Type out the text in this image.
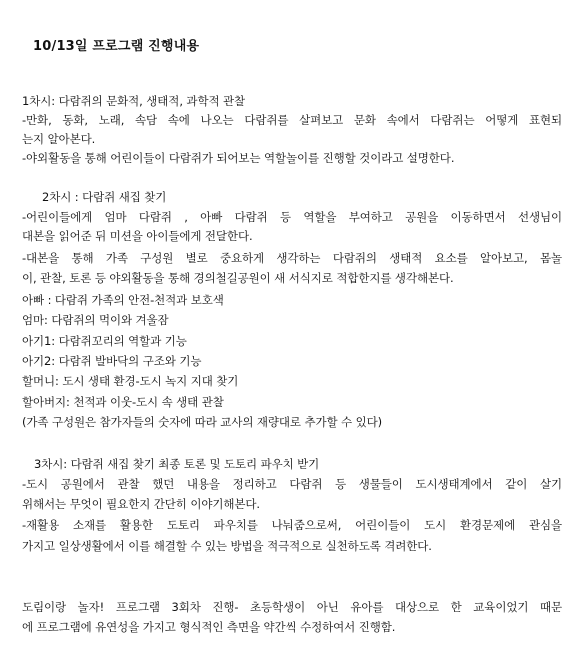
10/13일 프로그램 진행내용
1차시: 다람쥐의 문화적, 생태적, 과학적 관찰
-만화, 동화, 노래, 속담 속에 나오는 다람쥐를 살펴보고 문화 속에서 다람쥐는 어떻게 표현되
는지 알아본다.
-야외활동을 통해 어린이들이 다람쥐가 되어보는 역할놀이를 진행할 것이라고 설명한다.
2차시 : 다람쥐 새집 찾기
-어린이들에게 엄마 다람쥐 , 아빠 다람쥐 등 역할을 부여하고 공원을 이동하면서 선생님이
대본을 읽어준 뒤 미션을 아이들에게 전달한다.
-대본을 통해 가족 구성원 별로 중요하게 생각하는 다람쥐의 생태적 요소를 알아보고, 몸놀
이, 관찰, 토론 등 야외활동을 통해 경의철길공원이 새 서식지로 적합한지를 생각해본다.
아빠 : 다람쥐 가족의 안전-천적과 보호색
엄마: 다람쥐의 먹이와 겨울잠
아기1: 다람쥐꼬리의 역할과 기능
아기2: 다람쥐 발바닥의 구조와 기능
할머니: 도시 생태 환경-도시 녹지 지대 찾기
할아버지: 천적과 이웃-도시 속 생태 관찰
(가족 구성원은 참가자들의 숫자에 따라 교사의 재량대로 추가할 수 있다)
3차시: 다람쥐 새집 찾기 최종 토론 및 도토리 파우치 받기
-도시 공원에서 관찰 했던 내용을 정리하고 다람쥐 등 생물들이 도시생태계에서 같이 살기
위해서는 무엇이 필요한지 간단히 이야기해본다.
-재활용 소재를 활용한 도토리 파우치를 나눠줌으로써, 어린이들이 도시 환경문제에 관심을
가지고 일상생활에서 이를 해결할 수 있는 방법을 적극적으로 실천하도록 격려한다.
도림이랑 놀자! 프로그램 3회차 진행- 초등학생이 아닌 유아를 대상으로 한 교육이었기 때문
에 프로그램에 유연성을 가지고 형식적인 측면을 약간씩 수정하여서 진행함.
